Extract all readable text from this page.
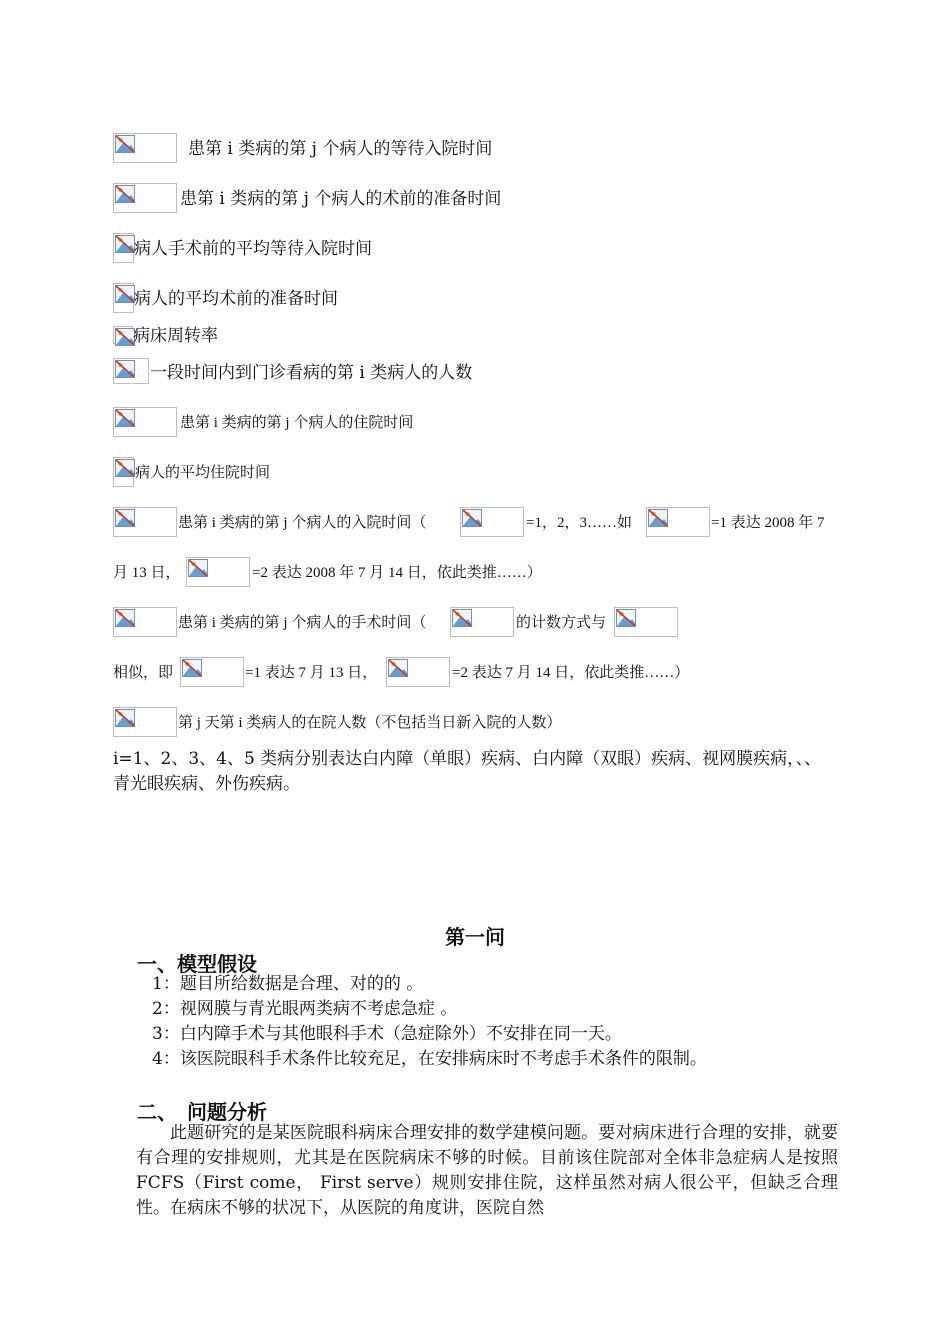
患第 i 类病的第 j 个病人的等待入院时间
患第 i 类病的第 j 个病人的术前的准备时间
病人手术前的平均等待入院时间
病人的平均术前的准备时间
病床周转率
一段时间内到门诊看病的第 i 类病人的人数
患第 i 类病的第 j 个病人的住院时间
病人的平均住院时间
患第 i 类病的第 j 个病人的入院时间（	=1，2，3……如	=1 表达 2008 年 7
月 13 日，	=2 表达 2008 年 7 月 14 日，依此类推……）
患第 i 类病的第 j 个病人的手术时间（	的计数方式与
相似，即	=1 表达 7 月 13 日，	=2 表达 7 月 14 日，依此类推……）
第 j 天第 i 类病人的在院人数（不包括当日新入院的人数）
i=1、2、3、4、5 类病分别表达白内障（单眼）疾病、白内障（双眼）疾病、视网膜疾病，、、青光眼疾病、外伤疾病。
第一问
一、模型假设
1：题目所给数据是合理、对的的 。
2：视网膜与青光眼两类病不考虑急症 。
3：白内障手术与其他眼科手术（急症除外）不安排在同一天。
4：该医院眼科手术条件比较充足，在安排病床时不考虑手术条件的限制。
二、　问题分析
此题研究的是某医院眼科病床合理安排的数学建模问题。要对病床进行合理的安排，就要有合理的安排规则，尤其是在医院病床不够的时候。目前该住院部对全体非急症病人是按照FCFS（First come， First serve）规则安排住院，这样虽然对病人很公平，但缺乏合理性。在病床不够的状况下，从医院的角度讲，医院自然
